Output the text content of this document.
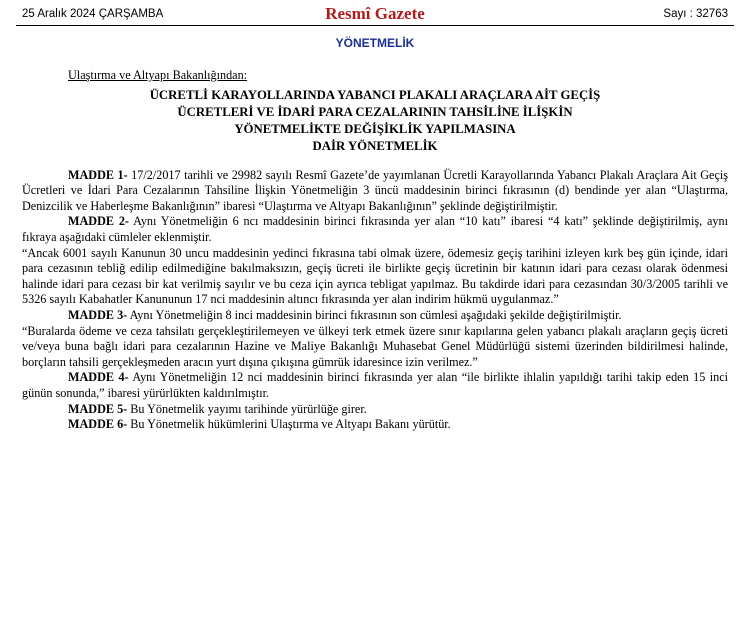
25 Aralık 2024 ÇARŞAMBA	Resmî Gazete	Sayı : 32763
YÖNETMELİK

Ulaştırma ve Altyapı Bakanlığından:

ÜCRETLİ KARAYOLLARINDA YABANCI PLAKALI ARAÇLARA AİT GEÇİŞ
ÜCRETLERİ VE İDARİ PARA CEZALARININ TAHSİLİNE İLİŞKİN
YÖNETMELİKTE DEĞİŞİKLİK YAPILMASINA
DAİR YÖNETMELİK

MADDE 1- 17/2/2017 tarihli ve 29982 sayılı Resmî Gazete’de yayımlanan Ücretli Karayollarında Yabancı Plakalı Araçlara Ait Geçiş Ücretleri ve İdari Para Cezalarının Tahsiline İlişkin Yönetmeliğin 3 üncü maddesinin birinci fıkrasının (d) bendinde yer alan “Ulaştırma, Denizcilik ve Haberleşme Bakanlığının” ibaresi “Ulaştırma ve Altyapı Bakanlığının” şeklinde değiştirilmiştir.

MADDE 2- Aynı Yönetmeliğin 6 ncı maddesinin birinci fıkrasında yer alan “10 katı” ibaresi “4 katı” şeklinde değiştirilmiş, aynı fıkraya aşağıdaki cümleler eklenmiştir.

“Ancak 6001 sayılı Kanunun 30 uncu maddesinin yedinci fıkrasına tabi olmak üzere, ödemesiz geçiş tarihini izleyen kırk beş gün içinde, idari para cezasının tebliğ edilip edilmediğine bakılmaksızın, geçiş ücreti ile birlikte geçiş ücretinin bir katının idari para cezası olarak ödenmesi halinde idari para cezası bir kat verilmiş sayılır ve bu ceza için ayrıca tebligat yapılmaz. Bu takdirde idari para cezasından 30/3/2005 tarihli ve 5326 sayılı Kabahatler Kanununun 17 nci maddesinin altıncı fıkrasında yer alan indirim hükmü uygulanmaz.”

MADDE 3- Aynı Yönetmeliğin 8 inci maddesinin birinci fıkrasının son cümlesi aşağıdaki şekilde değiştirilmiştir.

“Buralarda ödeme ve ceza tahsilatı gerçekleştirilemeyen ve ülkeyi terk etmek üzere sınır kapılarına gelen yabancı plakalı araçların geçiş ücreti ve/veya buna bağlı idari para cezalarının Hazine ve Maliye Bakanlığı Muhasebat Genel Müdürlüğü sistemi üzerinden bildirilmesi halinde, borçların tahsili gerçekleşmeden aracın yurt dışına çıkışına gümrük idaresince izin verilmez.”

MADDE 4- Aynı Yönetmeliğin 12 nci maddesinin birinci fıkrasında yer alan “ile birlikte ihlalin yapıldığı tarihi takip eden 15 inci günün sonunda,” ibaresi yürürlükten kaldırılmıştır.

MADDE 5- Bu Yönetmelik yayımı tarihinde yürürlüğe girer.

MADDE 6- Bu Yönetmelik hükümlerini Ulaştırma ve Altyapı Bakanı yürütür.
